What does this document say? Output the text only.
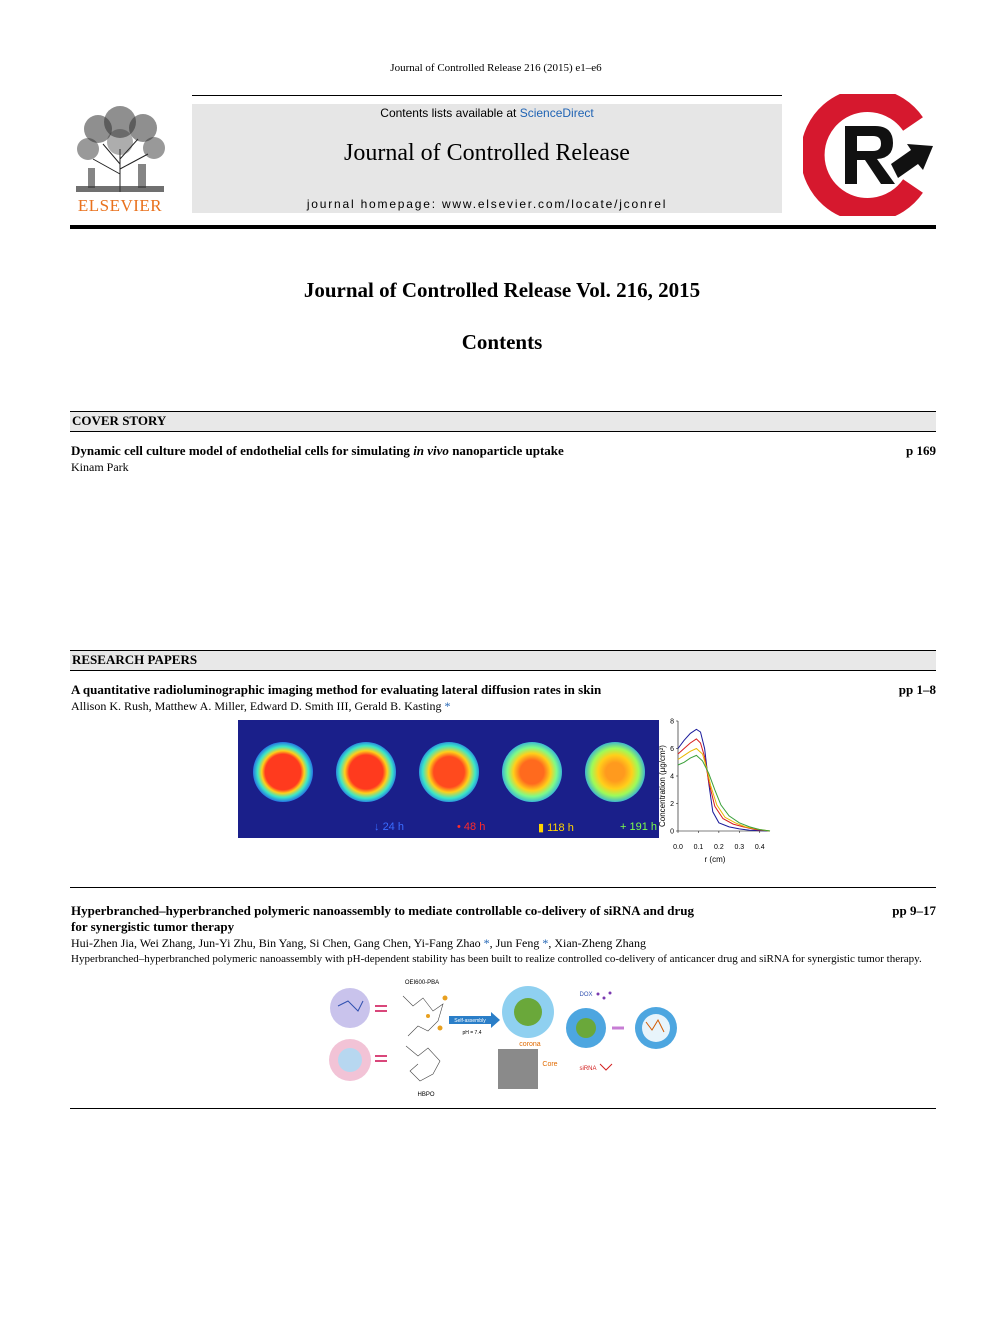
Journal of Controlled Release 216 (2015) e1–e6
ELSEVIER
Contents lists available at ScienceDirect
Journal of Controlled Release
journal homepage: www.elsevier.com/locate/jconrel
Journal of Controlled Release Vol. 216, 2015
Contents
COVER STORY
Dynamic cell culture model of endothelial cells for simulating in vivo nanoparticle uptake	p 169
Kinam Park
RESEARCH PAPERS
A quantitative radioluminographic imaging method for evaluating lateral diffusion rates in skin	pp 1–8
Allison K. Rush, Matthew A. Miller, Edward D. Smith III, Gerald B. Kasting *
↓ 24 h	• 48 h	▮ 118 h	+ 191 h 0
2
4
6
8
0.0 0.1 0.2 0.3 0.4
Concentration (µg/cm²)
r (cm)
Hyperbranched–hyperbranched polymeric nanoassembly to mediate controllable co-delivery of siRNA and drug
for synergistic tumor therapy
pp 9–17
Hui-Zhen Jia, Wei Zhang, Jun-Yi Zhu, Bin Yang, Si Chen, Gang Chen, Yi-Fang Zhao *, Jun Feng *, Xian-Zheng Zhang
Hyperbranched–hyperbranched polymeric nanoassembly with pH-dependent stability has been built to realize controlled co-delivery of anticancer drug and siRNA for synergistic tumor therapy.
OEI600-PBA
HBPO
Self-assembly
pH = 7.4
corona
Core
DOX
siRNA
